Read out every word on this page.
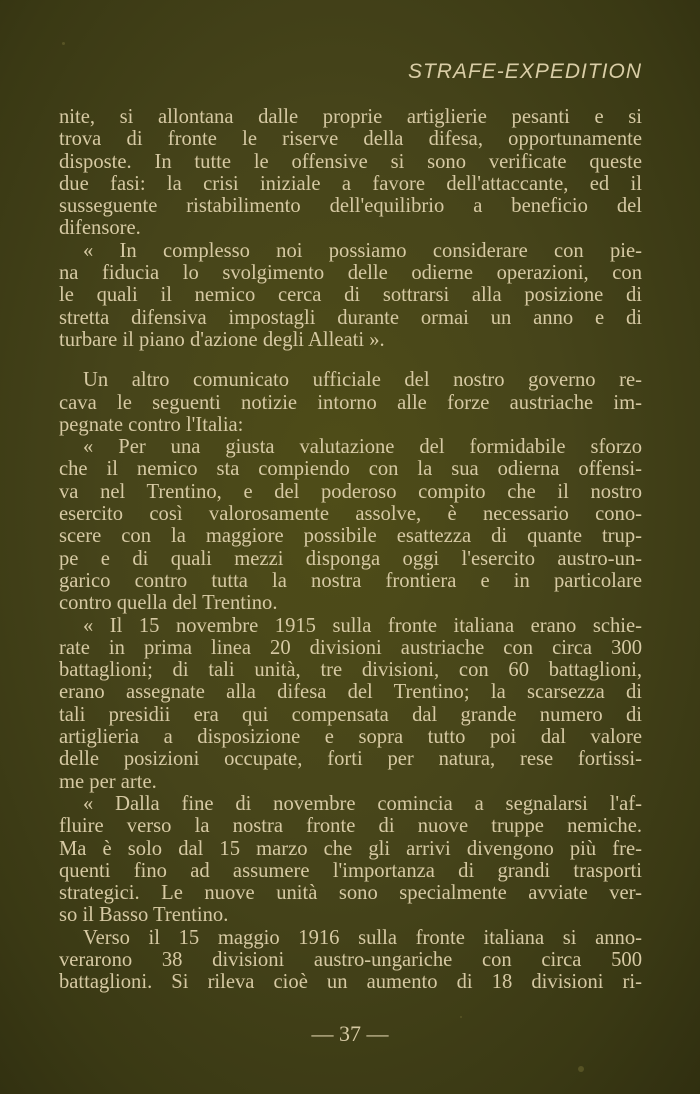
STRAFE-EXPEDITION
nite, si allontana dalle proprie artiglierie pesanti e si
trova di fronte le riserve della difesa, opportunamente
disposte. In tutte le offensive si sono verificate queste
due fasi: la crisi iniziale a favore dell'attaccante, ed il
susseguente ristabilimento dell'equilibrio a beneficio del
difensore.
« In complesso noi possiamo considerare con pie-
na fiducia lo svolgimento delle odierne operazioni, con
le quali il nemico cerca di sottrarsi alla posizione di
stretta difensiva impostagli durante ormai un anno e di
turbare il piano d'azione degli Alleati ».
Un altro comunicato ufficiale del nostro governo re-
cava le seguenti notizie intorno alle forze austriache im-
pegnate contro l'Italia:
« Per una giusta valutazione del formidabile sforzo
che il nemico sta compiendo con la sua odierna offensi-
va nel Trentino, e del poderoso compito che il nostro
esercito così valorosamente assolve, è necessario cono-
scere con la maggiore possibile esattezza di quante trup-
pe e di quali mezzi disponga oggi l'esercito austro-un-
garico contro tutta la nostra frontiera e in particolare
contro quella del Trentino.
« Il 15 novembre 1915 sulla fronte italiana erano schie-
rate in prima linea 20 divisioni austriache con circa 300
battaglioni; di tali unità, tre divisioni, con 60 battaglioni,
erano assegnate alla difesa del Trentino; la scarsezza di
tali presidii era qui compensata dal grande numero di
artiglieria a disposizione e sopra tutto poi dal valore
delle posizioni occupate, forti per natura, rese fortissi-
me per arte.
« Dalla fine di novembre comincia a segnalarsi l'af-
fluire verso la nostra fronte di nuove truppe nemiche.
Ma è solo dal 15 marzo che gli arrivi divengono più fre-
quenti fino ad assumere l'importanza di grandi trasporti
strategici. Le nuove unità sono specialmente avviate ver-
so il Basso Trentino.
Verso il 15 maggio 1916 sulla fronte italiana si anno-
verarono 38 divisioni austro-ungariche con circa 500
battaglioni. Si rileva cioè un aumento di 18 divisioni ri-
— 37 —
